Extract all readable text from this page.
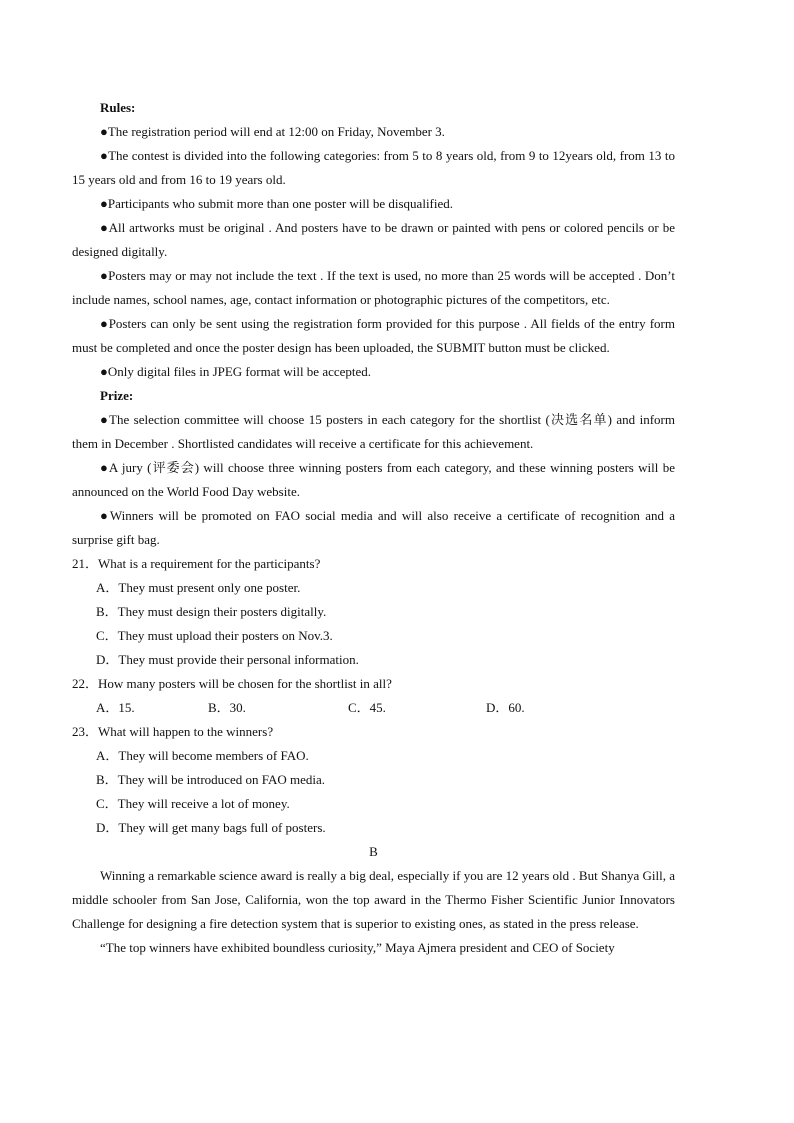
Rules:

●The registration period will end at 12:00 on Friday, November 3.

●The contest is divided into the following categories: from 5 to 8 years old, from 9 to 12years old, from 13 to 15 years old and from 16 to 19 years old.

●Participants who submit more than one poster will be disqualified.

●All artworks must be original . And posters have to be drawn or painted with pens or colored pencils or be designed digitally.

●Posters may or may not include the text . If the text is used, no more than 25 words will be accepted . Don’t include names, school names, age, contact information or photographic pictures of the competitors, etc.

●Posters can only be sent using the registration form provided for this purpose . All fields of the entry form must be completed and once the poster design has been uploaded, the SUBMIT button must be clicked.

●Only digital files in JPEG format will be accepted.

Prize:

●The selection committee will choose 15 posters in each category for the shortlist (决选名单) and inform them in December . Shortlisted candidates will receive a certificate for this achievement.

●A jury (评委会) will choose three winning posters from each category, and these winning posters will be announced on the World Food Day website.

●Winners will be promoted on FAO social media and will also receive a certificate of recognition and a surprise gift bag.

21．What is a requirement for the participants?

A．They must present only one poster.

B．They must design their posters digitally.

C．They must upload their posters on Nov.3.

D．They must provide their personal information.

22．How many posters will be chosen for the shortlist in all?

A．15.	B．30.	C．45.	D．60.

23．What will happen to the winners?

A．They will become members of FAO.

B．They will be introduced on FAO media.

C．They will receive a lot of money.

D．They will get many bags full of posters.

B

Winning a remarkable science award is really a big deal, especially if you are 12 years old . But Shanya Gill, a middle schooler from San Jose, California, won the top award in the Thermo Fisher Scientific Junior Innovators Challenge for designing a fire detection system that is superior to existing ones, as stated in the press release.

“The top winners have exhibited boundless curiosity,” Maya Ajmera president and CEO of Society
